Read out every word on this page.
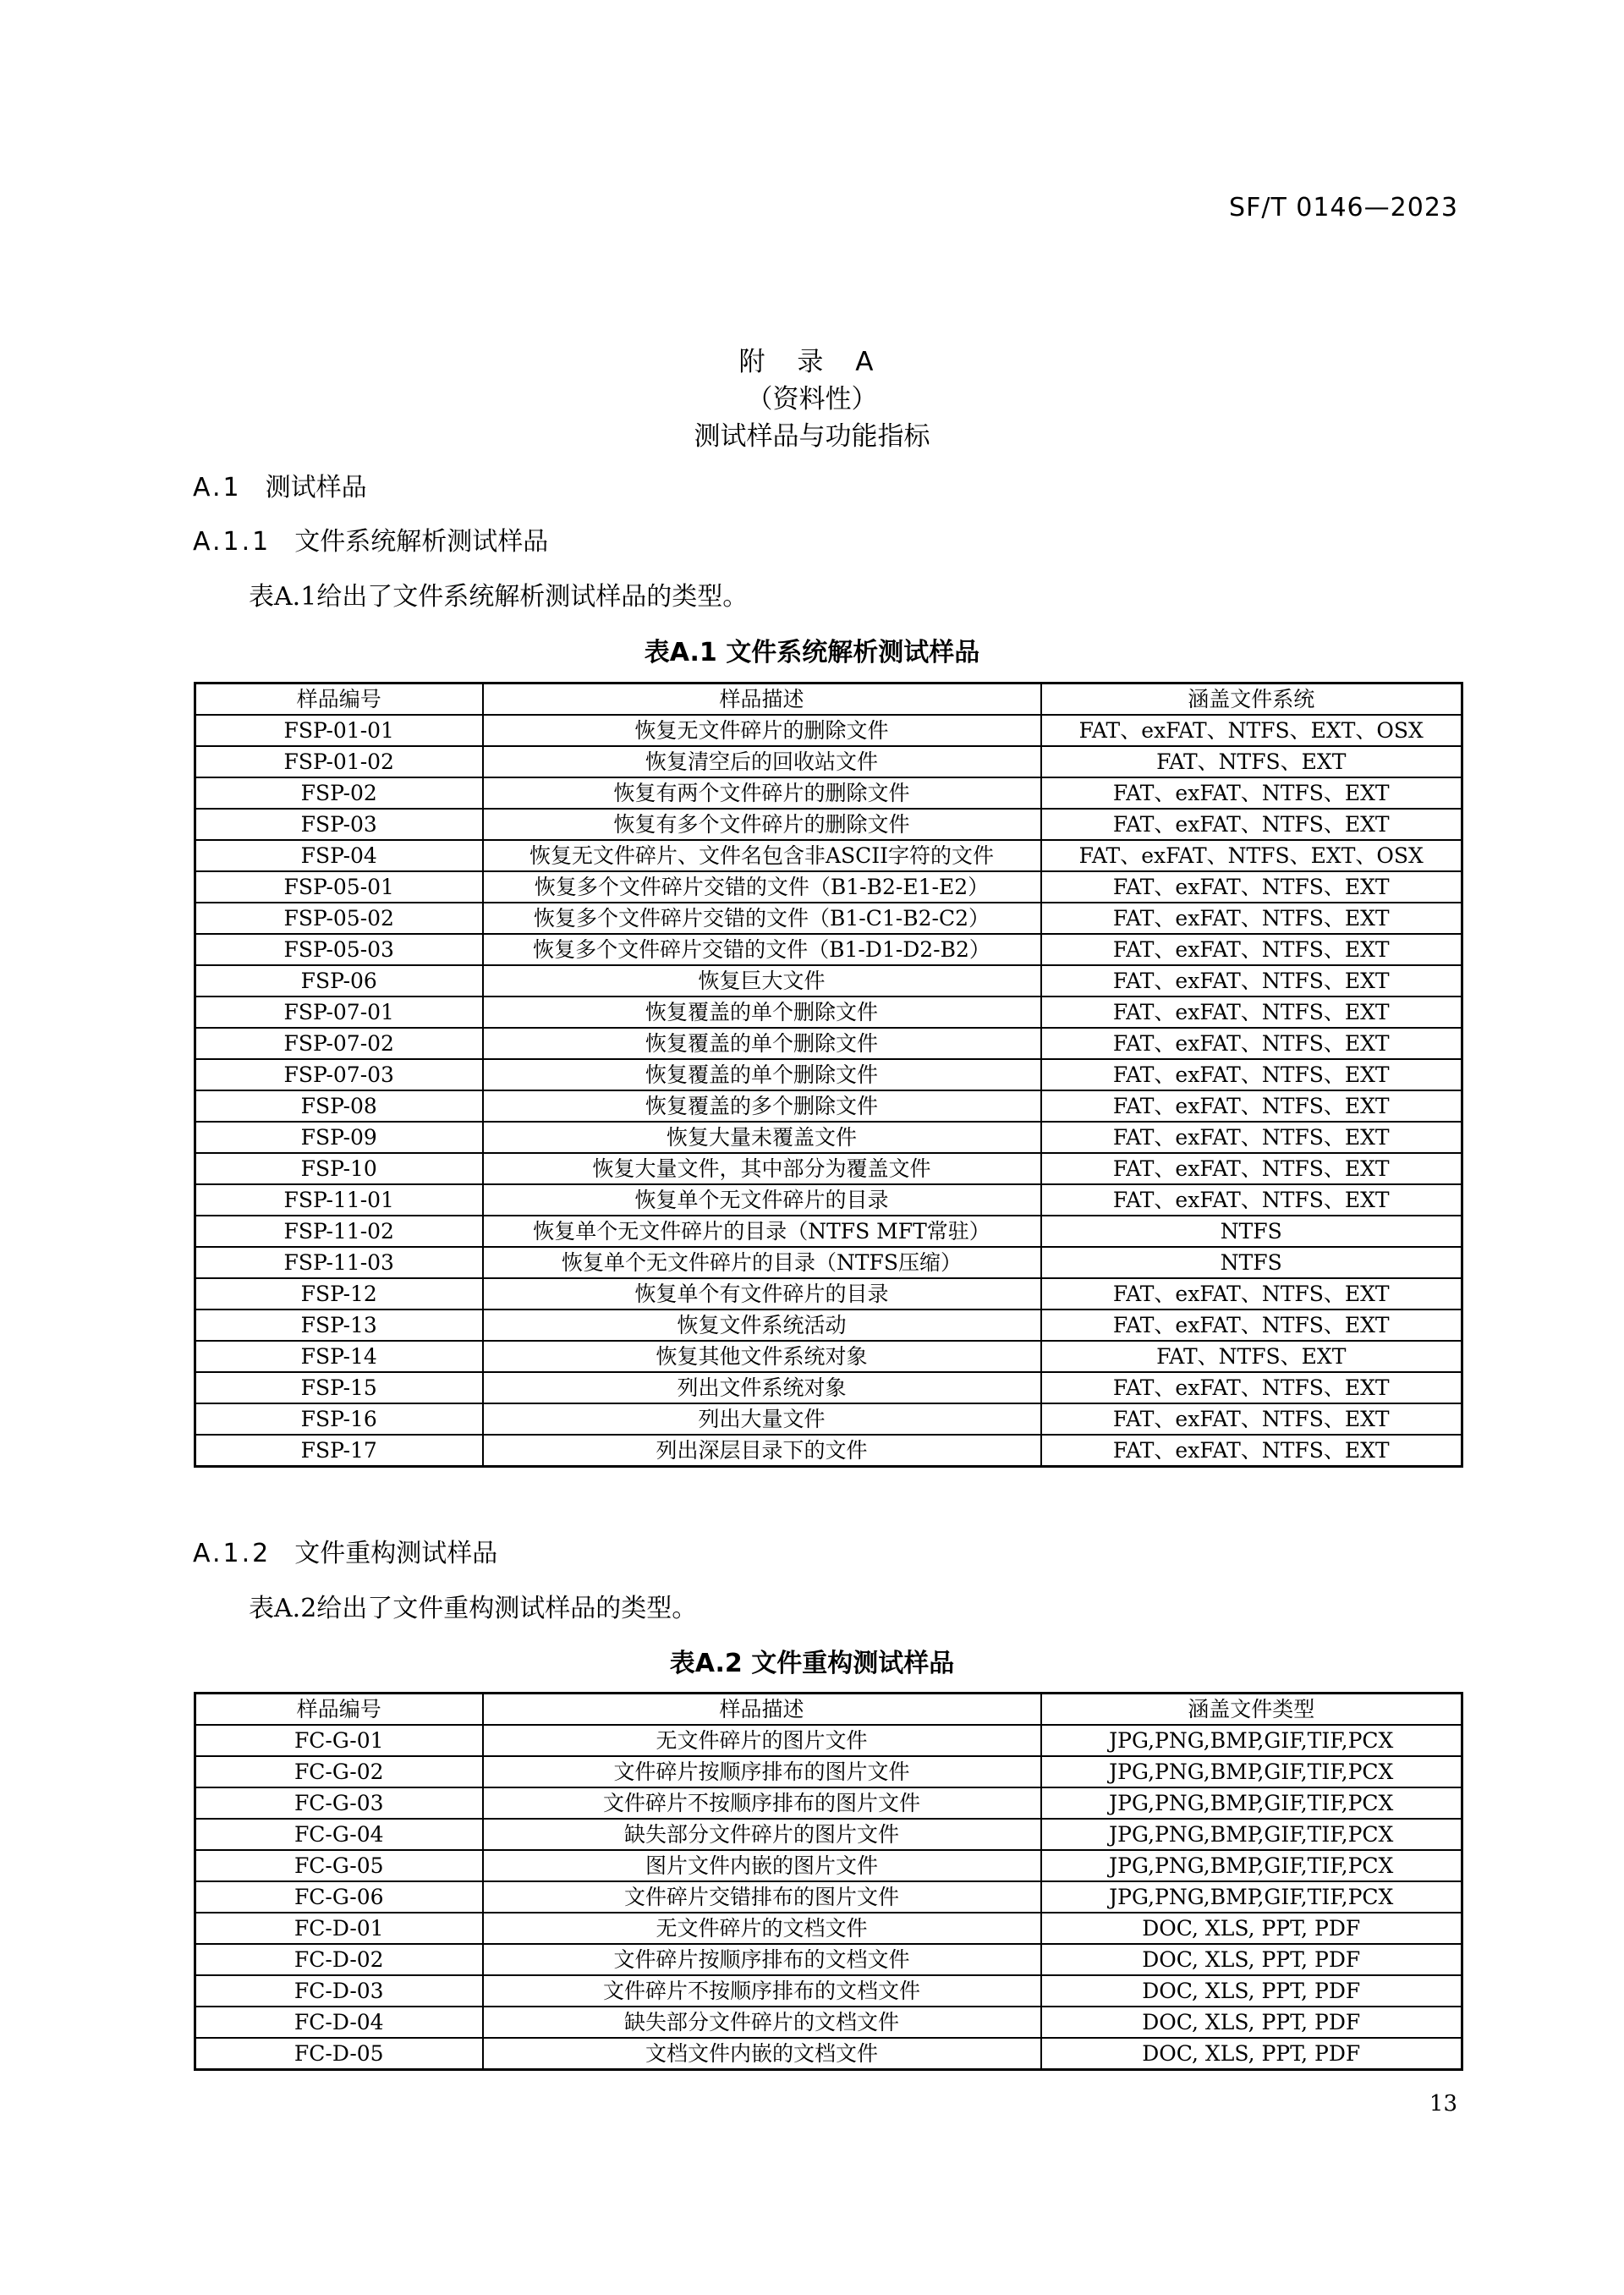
SF/T 0146—2023
附 录 A
（资料性）
测试样品与功能指标
A.1 测试样品
A.1.1 文件系统解析测试样品
表A.1给出了文件系统解析测试样品的类型。
表A.1 文件系统解析测试样品
样品编号	样品描述	涵盖文件系统
FSP-01-01	恢复无文件碎片的删除文件	FAT、exFAT、NTFS、EXT、OSX
FSP-01-02	恢复清空后的回收站文件	FAT、NTFS、EXT
FSP-02	恢复有两个文件碎片的删除文件	FAT、exFAT、NTFS、EXT
FSP-03	恢复有多个文件碎片的删除文件	FAT、exFAT、NTFS、EXT
FSP-04	恢复无文件碎片、文件名包含非ASCII字符的文件	FAT、exFAT、NTFS、EXT、OSX
FSP-05-01	恢复多个文件碎片交错的文件（B1-B2-E1-E2）	FAT、exFAT、NTFS、EXT
FSP-05-02	恢复多个文件碎片交错的文件（B1-C1-B2-C2）	FAT、exFAT、NTFS、EXT
FSP-05-03	恢复多个文件碎片交错的文件（B1-D1-D2-B2）	FAT、exFAT、NTFS、EXT
FSP-06	恢复巨大文件	FAT、exFAT、NTFS、EXT
FSP-07-01	恢复覆盖的单个删除文件	FAT、exFAT、NTFS、EXT
FSP-07-02	恢复覆盖的单个删除文件	FAT、exFAT、NTFS、EXT
FSP-07-03	恢复覆盖的单个删除文件	FAT、exFAT、NTFS、EXT
FSP-08	恢复覆盖的多个删除文件	FAT、exFAT、NTFS、EXT
FSP-09	恢复大量未覆盖文件	FAT、exFAT、NTFS、EXT
FSP-10	恢复大量文件，其中部分为覆盖文件	FAT、exFAT、NTFS、EXT
FSP-11-01	恢复单个无文件碎片的目录	FAT、exFAT、NTFS、EXT
FSP-11-02	恢复单个无文件碎片的目录（NTFS MFT常驻）	NTFS
FSP-11-03	恢复单个无文件碎片的目录（NTFS压缩）	NTFS
FSP-12	恢复单个有文件碎片的目录	FAT、exFAT、NTFS、EXT
FSP-13	恢复文件系统活动	FAT、exFAT、NTFS、EXT
FSP-14	恢复其他文件系统对象	FAT、NTFS、EXT
FSP-15	列出文件系统对象	FAT、exFAT、NTFS、EXT
FSP-16	列出大量文件	FAT、exFAT、NTFS、EXT
FSP-17	列出深层目录下的文件	FAT、exFAT、NTFS、EXT
A.1.2 文件重构测试样品
表A.2给出了文件重构测试样品的类型。
表A.2 文件重构测试样品
样品编号	样品描述	涵盖文件类型
FC-G-01	无文件碎片的图片文件	JPG,PNG,BMP,GIF,TIF,PCX
FC-G-02	文件碎片按顺序排布的图片文件	JPG,PNG,BMP,GIF,TIF,PCX
FC-G-03	文件碎片不按顺序排布的图片文件	JPG,PNG,BMP,GIF,TIF,PCX
FC-G-04	缺失部分文件碎片的图片文件	JPG,PNG,BMP,GIF,TIF,PCX
FC-G-05	图片文件内嵌的图片文件	JPG,PNG,BMP,GIF,TIF,PCX
FC-G-06	文件碎片交错排布的图片文件	JPG,PNG,BMP,GIF,TIF,PCX
FC-D-01	无文件碎片的文档文件	DOC, XLS, PPT, PDF
FC-D-02	文件碎片按顺序排布的文档文件	DOC, XLS, PPT, PDF
FC-D-03	文件碎片不按顺序排布的文档文件	DOC, XLS, PPT, PDF
FC-D-04	缺失部分文件碎片的文档文件	DOC, XLS, PPT, PDF
FC-D-05	文档文件内嵌的文档文件	DOC, XLS, PPT, PDF
13
